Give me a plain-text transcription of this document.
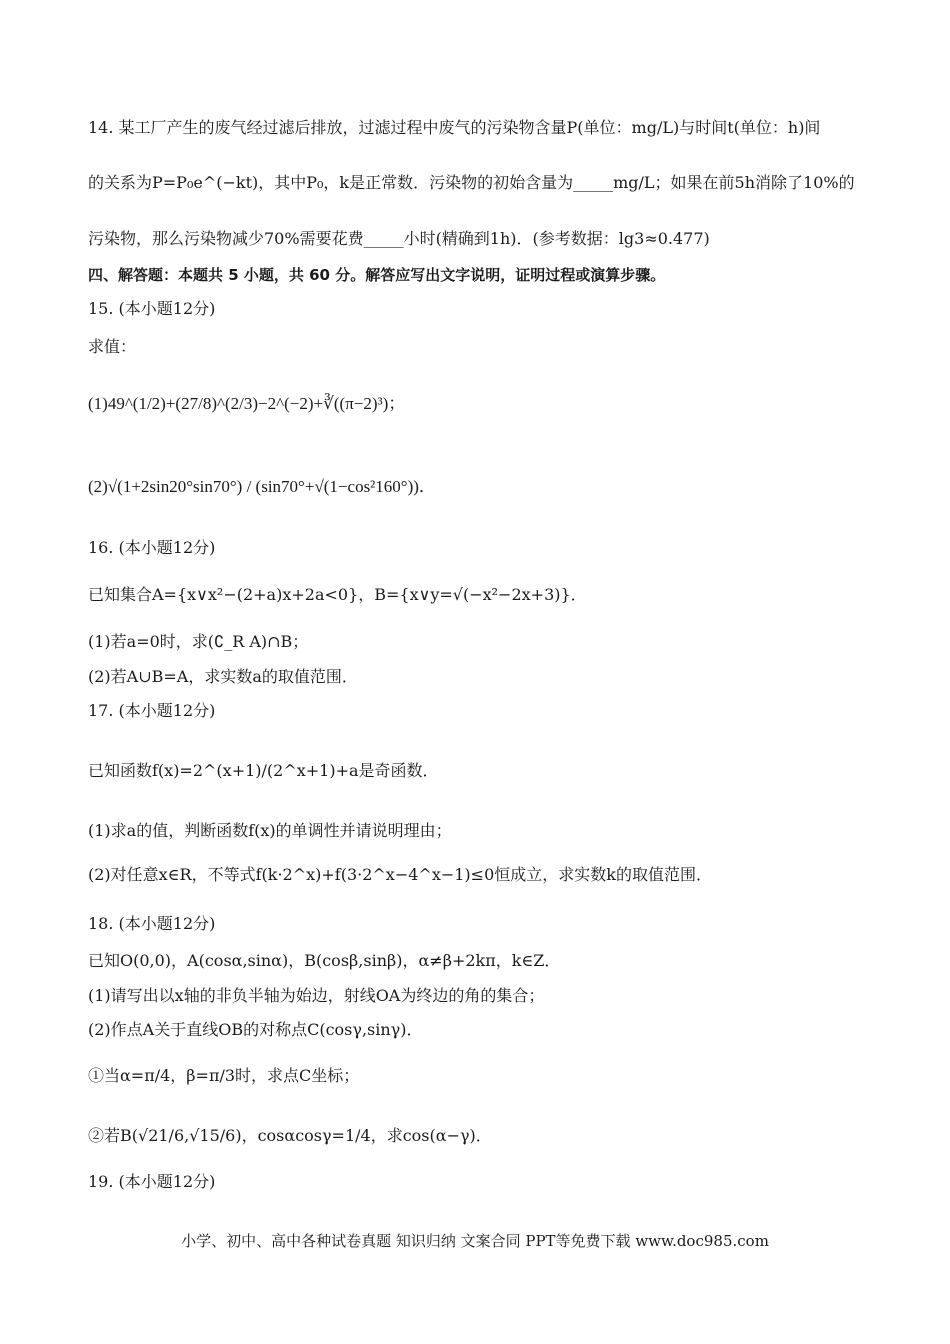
14. 某工厂产生的废气经过滤后排放，过滤过程中废气的污染物含量P(单位：mg/L)与时间t(单位：h)间
的关系为P=P₀e^(−kt)，其中P₀，k是正常数．污染物的初始含量为_____mg/L；如果在前5h消除了10%的
污染物，那么污染物减少70%需要花费_____小时(精确到1h)．(参考数据：lg3≈0.477)
四、解答题：本题共 5 小题，共 60 分。解答应写出文字说明，证明过程或演算步骤。
15. (本小题12分)
求值：
(1)49^(1/2)+(27/8)^(2/3)−2^(−2)+∛((π−2)³)；
(2)√(1+2sin20°sin70°) / (sin70°+√(1−cos²160°))．
16. (本小题12分)
已知集合A={x∨x²−(2+a)x+2a<0}，B={x∨y=√(−x²−2x+3)}．
(1)若a=0时，求(∁_R A)∩B；
(2)若A∪B=A，求实数a的取值范围．
17. (本小题12分)
已知函数f(x)=2^(x+1)/(2^x+1)+a是奇函数．
(1)求a的值，判断函数f(x)的单调性并请说明理由；
(2)对任意x∈R，不等式f(k·2^x)+f(3·2^x−4^x−1)≤0恒成立，求实数k的取值范围．
18. (本小题12分)
已知O(0,0)，A(cosα,sinα)，B(cosβ,sinβ)，α≠β+2kπ，k∈Z．
(1)请写出以x轴的非负半轴为始边，射线OA为终边的角的集合；
(2)作点A关于直线OB的对称点C(cosγ,sinγ)．
①当α=π/4，β=π/3时，求点C坐标；
②若B(√21/6,√15/6)，cosαcosγ=1/4，求cos(α−γ)．
19. (本小题12分)
小学、初中、高中各种试卷真题 知识归纳 文案合同 PPT等免费下载 www.doc985.com
